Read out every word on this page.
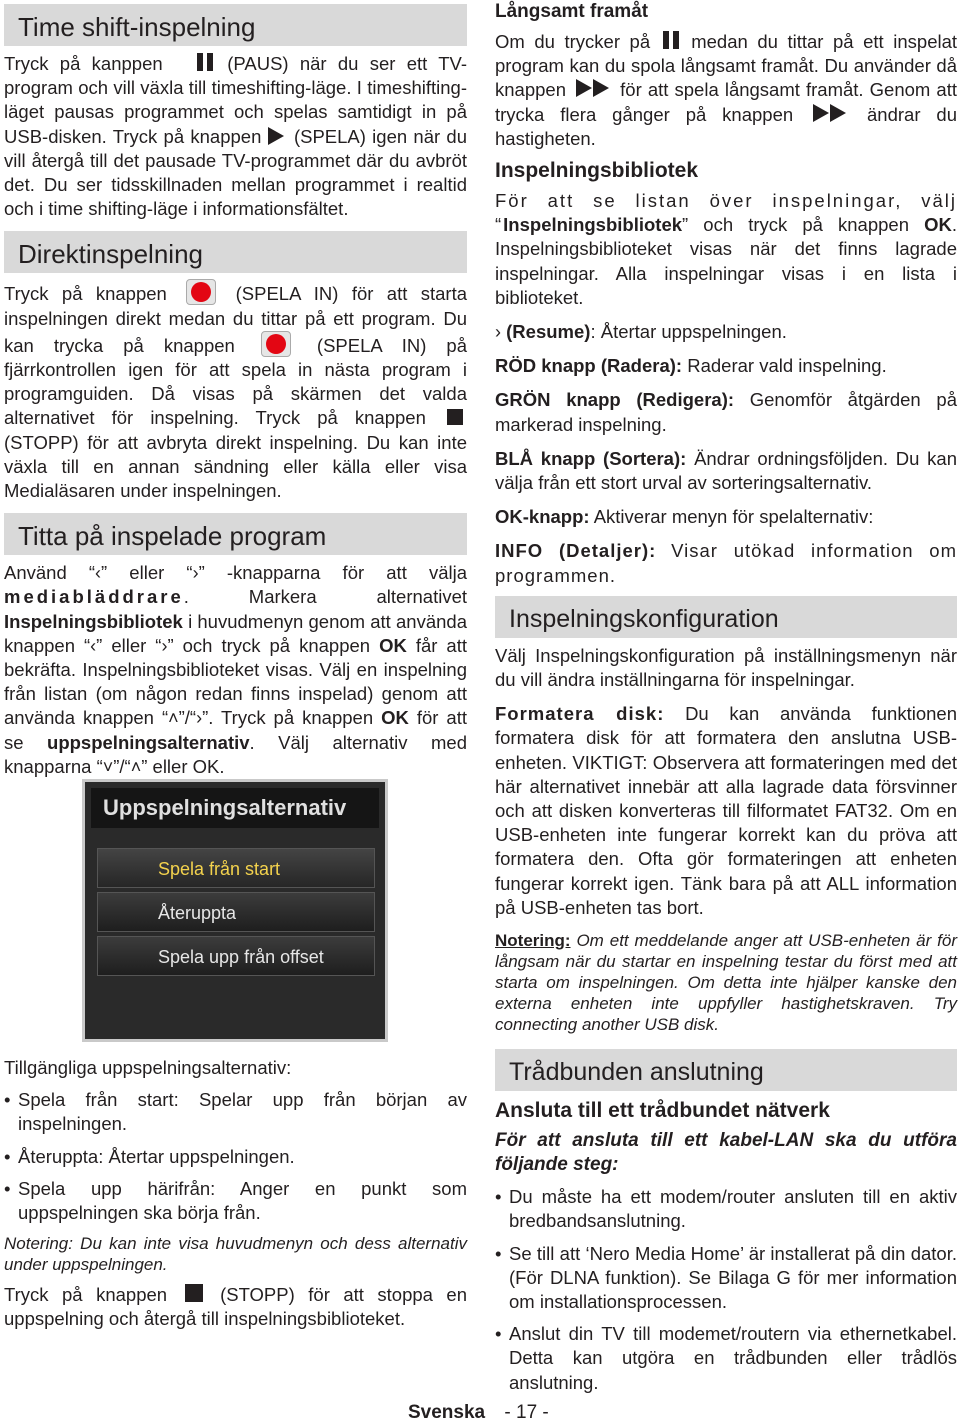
Time shift-inspelning

Tryck på kanppen	(PAUS) när du ser ett TV-program och vill växla till timeshifting-läge. I timeshifting-läget pausas programmet och spelas samtidigt in på USB-disken. Tryck på knappen (SPELA) igen när du vill återgå till det pausade TV-programmet där du avbröt det. Du ser tidsskillnaden mellan programmet i realtid och i time shifting-läge i informationsfältet.

Direktinspelning

Tryck på knappen	(SPELA IN) för att starta inspelningen direkt medan du tittar på ett program. Du kan trycka på knappen	(SPELA IN) på fjärrkontrollen igen för att spela in nästa program i programguiden. Då visas på skärmen det valda alternativet för inspelning. Tryck på knappen  (STOPP) för att avbryta direkt inspelning. Du kan inte växla till en annan sändning eller källa eller visa Medialäsaren under inspelningen.

Titta på inspelade program

Använd “‹” eller “›” -knapparna för att välja mediabläddrare. Markera alternativet Inspelningsbibliotek i huvudmenyn genom att använda knappen “‹” eller “›” och tryck på knappen OK får att bekräfta. Inspelningsbiblioteket visas. Välj en inspelning från listan (om någon redan finns inspelad) genom att använda knappen “˄”/“›”. Tryck på knappen OK för att se uppspelningsalternativ. Välj alternativ med knapparna “˅”/“˄” eller OK.

Uppspelningsalternativ
Spela från start
Återuppta
Spela upp från offset

Tillgängliga uppspelningsalternativ:

• Spela från start: Spelar upp från början av inspelningen.
• Återuppta: Återtar uppspelningen.
• Spela upp härifrån: Anger en punkt som uppspelningen ska börja från.

Notering: Du kan inte visa huvudmenyn och dess alternativ under uppspelningen.

Tryck på knappen	(STOPP) för att stoppa en uppspelning och återgå till inspelningsbiblioteket.

Långsamt framåt

Om du trycker på medan du tittar på ett inspelat program kan du spola långsamt framåt. Du använder då knappen	för att spela långsamt framåt. Genom att trycka flera gånger på knappen	ändrar du hastigheten.

Inspelningsbibliotek

För att se listan över inspelningar, välj “Inspelningsbibliotek” och tryck på knappen OK. Inspelningsbiblioteket visas när det finns lagrade inspelningar. Alla inspelningar visas i en lista i biblioteket.

› (Resume): Återtar uppspelningen.

RÖD knapp (Radera): Raderar vald inspelning.

GRÖN knapp (Redigera): Genomför åtgärden på markerad inspelning.

BLÅ knapp (Sortera): Ändrar ordningsföljden. Du kan välja från ett stort urval av sorteringsalternativ.

OK-knapp: Aktiverar menyn för spelalternativ:

INFO (Detaljer): Visar utökad information om programmen.

Inspelningskonfiguration

Välj Inspelningskonfiguration på inställningsmenyn när du vill ändra inställningarna för inspelningar.

Formatera disk: Du kan använda funktionen formatera disk för att formatera den anslutna USB-enheten. VIKTIGT: Observera att formateringen med det här alternativet innebär att alla lagrade data försvinner och att disken konverteras till filformatet FAT32. Om en USB-enheten inte fungerar korrekt kan du pröva att formatera den. Ofta gör formateringen att enheten fungerar korrekt igen. Tänk bara på att ALL information på USB-enheten tas bort.

Notering: Om ett meddelande anger att USB-enheten är för långsam när du startar en inspelning testar du först med att starta om inspelningen. Om detta inte hjälper kanske den externa enheten inte uppfyller hastighetskraven. Try connecting another USB disk.

Trådbunden anslutning

Ansluta till ett trådbundet nätverk

För att ansluta till ett kabel-LAN ska du utföra följande steg:

• Du måste ha ett modem/router ansluten till en aktiv bredbandsanslutning.
• Se till att ‘Nero Media Home’ är installerat på din dator. (För DLNA funktion). Se Bilaga G för mer information om installationsprocessen.
• Anslut din TV till modemet/routern via ethernetkabel. Detta kan utgöra en trådbunden eller trådlös anslutning.
Svenska - 17 -
